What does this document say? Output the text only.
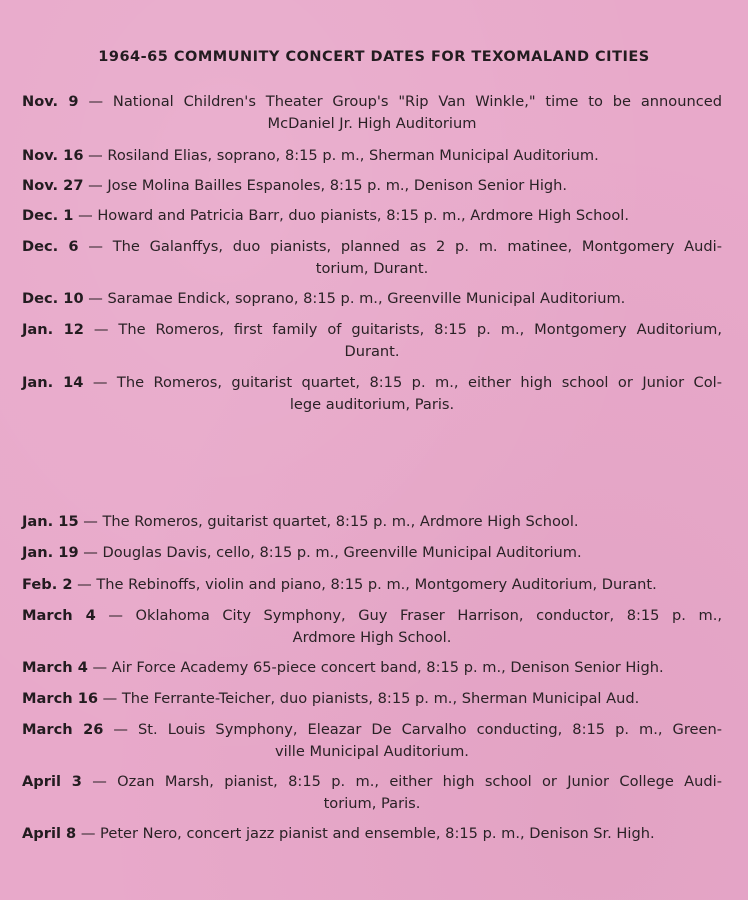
1964-65 COMMUNITY CONCERT DATES FOR TEXOMALAND CITIES
Nov. 9 — National Children's Theater Group's "Rip Van Winkle," time to be announced
McDaniel Jr. High Auditorium
Nov. 16 — Rosiland Elias, soprano, 8:15 p. m., Sherman Municipal Auditorium.
Nov. 27 — Jose Molina Bailles Espanoles, 8:15 p. m., Denison Senior High.
Dec. 1 — Howard and Patricia Barr, duo pianists, 8:15 p. m., Ardmore High School.
Dec. 6 — The Galanffys, duo pianists, planned as 2 p. m. matinee, Montgomery Audi-
torium, Durant.
Dec. 10 — Saramae Endick, soprano, 8:15 p. m., Greenville Municipal Auditorium.
Jan. 12 — The Romeros, first family of guitarists, 8:15 p. m., Montgomery Auditorium,
Durant.
Jan. 14 — The Romeros, guitarist quartet, 8:15 p. m., either high school or Junior Col-
lege auditorium, Paris.
Jan. 15 — The Romeros, guitarist quartet, 8:15 p. m., Ardmore High School.
Jan. 19 — Douglas Davis, cello, 8:15 p. m., Greenville Municipal Auditorium.
Feb. 2 — The Rebinoffs, violin and piano, 8:15 p. m., Montgomery Auditorium, Durant.
March 4 — Oklahoma City Symphony, Guy Fraser Harrison, conductor, 8:15 p. m.,
Ardmore High School.
March 4 — Air Force Academy 65-piece concert band, 8:15 p. m., Denison Senior High.
March 16 — The Ferrante-Teicher, duo pianists, 8:15 p. m., Sherman Municipal Aud.
March 26 — St. Louis Symphony, Eleazar De Carvalho conducting, 8:15 p. m., Green-
ville Municipal Auditorium.
April 3 — Ozan Marsh, pianist, 8:15 p. m., either high school or Junior College Audi-
torium, Paris.
April 8 — Peter Nero, concert jazz pianist and ensemble, 8:15 p. m., Denison Sr. High.
